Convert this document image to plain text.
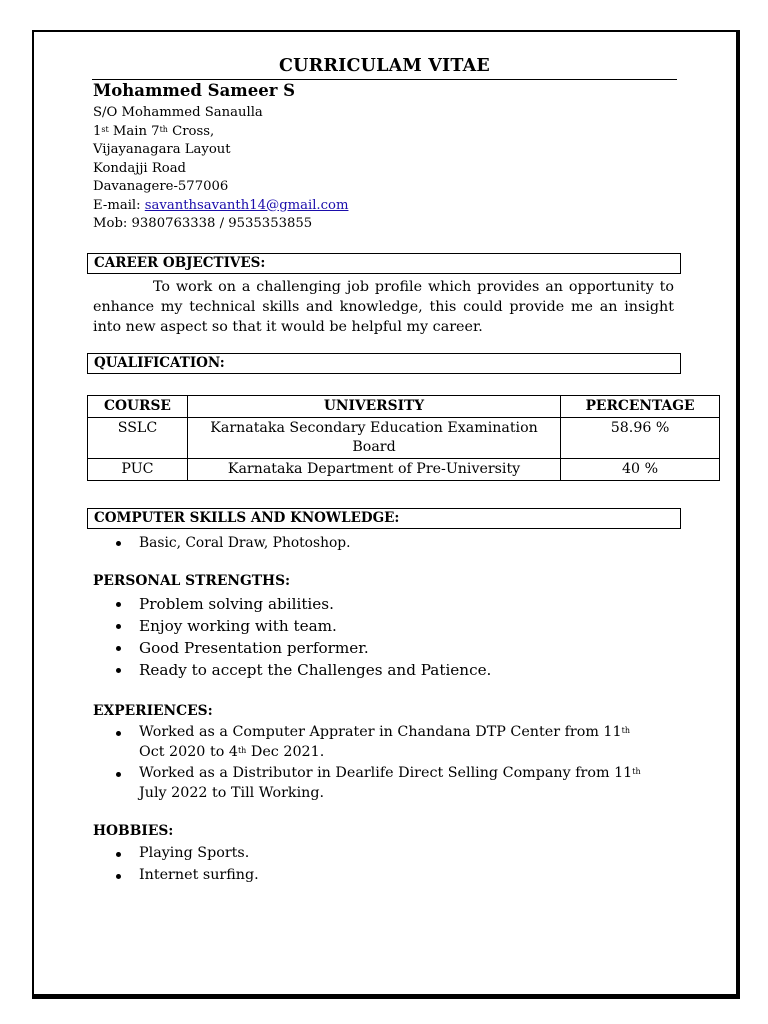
CURRICULAM VITAE
Mohammed Sameer S
S/O Mohammed Sanaulla
1st Main 7th Cross,
Vijayanagara Layout
Kondajji Road
Davanagere-577006
E-mail: savanthsavanth14@gmail.com
Mob: 9380763338 / 9535353855
CAREER OBJECTIVES:
To work on a challenging job profile which provides an opportunity to enhance my technical skills and knowledge, this could provide me an insight into new aspect so that it would be helpful my career.
QUALIFICATION:
COURSE	UNIVERSITY	PERCENTAGE
SSLC	Karnataka Secondary Education Examination Board	58.96 %
PUC	Karnataka Department of Pre-University	40 %
COMPUTER SKILLS AND KNOWLEDGE:
Basic, Coral Draw, Photoshop.
PERSONAL STRENGTHS:
Problem solving abilities.
Enjoy working with team.
Good Presentation performer.
Ready to accept the Challenges and Patience.
EXPERIENCES:
Worked as a Computer Apprater in Chandana DTP Center from 11th
Oct 2020 to 4th Dec 2021.
Worked as a Distributor in Dearlife Direct Selling Company from 11th
July 2022 to Till Working.
HOBBIES:
Playing Sports.
Internet surfing.
